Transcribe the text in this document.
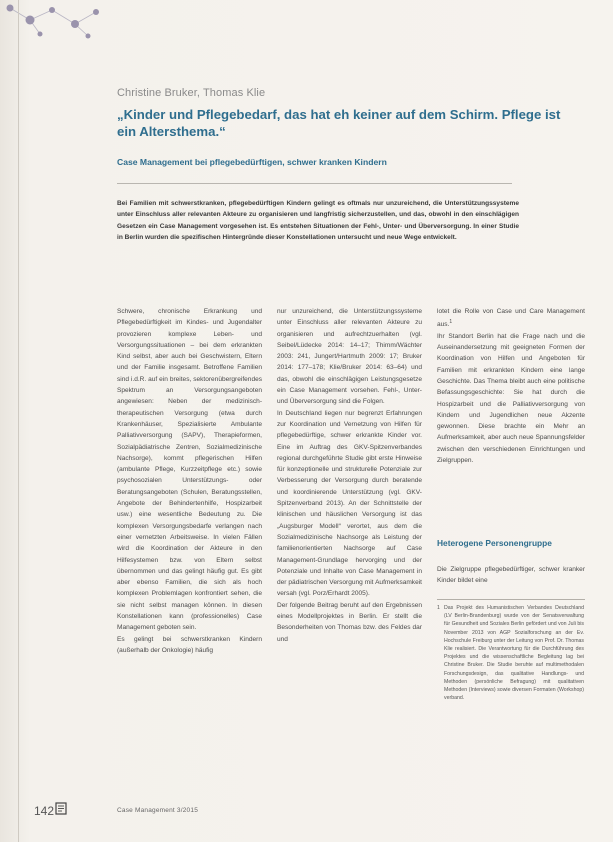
Christine Bruker, Thomas Klie
„Kinder und Pflegebedarf, das hat eh keiner auf dem Schirm. Pflege ist ein Altersthema.“
Case Management bei pflegebedürftigen, schwer kranken Kindern
Bei Familien mit schwerstkranken, pflegebedürftigen Kindern gelingt es oftmals nur unzureichend, die Unterstützungssysteme unter Einschluss aller relevanten Akteure zu organisieren und langfristig sicherzustellen, und das, obwohl in den einschlägigen Gesetzen ein Case Management vorgesehen ist. Es entstehen Situationen der Fehl-, Unter- und Überversorgung. In einer Studie in Berlin wurden die spezifischen Hintergründe dieser Konstellationen untersucht und neue Wege entwickelt.

Schwere, chronische Erkrankung und Pflegebedürftigkeit im Kindes- und Jugendalter provozieren komplexe Leben- und Versorgungssituationen – bei dem erkrankten Kind selbst, aber auch bei Geschwistern, Eltern und der Familie insgesamt. Betroffene Familien sind i.d.R. auf ein breites, sektorenübergreifendes Spektrum an Versorgungsangeboten angewiesen: Neben der medizinisch-therapeutischen Versorgung (etwa durch Krankenhäuser, Spezialisierte Ambulante Palliativversorgung (SAPV), Therapieformen, Sozialpädiatrische Zentren, Sozialmedizinische Nachsorge), kommt pflegerischen Hilfen (ambulante Pflege, Kurzzeitpflege etc.) sowie psychosozialen Unterstützungs- oder Beratungsangeboten (Schulen, Beratungsstellen, Angebote der Behindertenhilfe, Hospizarbeit usw.) eine wesentliche Bedeutung zu. Die komplexen Versorgungsbedarfe verlangen nach einer vernetzten Arbeitsweise. In vielen Fällen wird die Koordination der Akteure in den Hilfesystemen bzw. von Eltern selbst übernommen und das gelingt häufig gut. Es gibt aber ebenso Familien, die sich als hoch komplexen Problemlagen konfrontiert sehen, die sie nicht selbst managen können. In diesen Konstellationen kann (professionelles) Case Management geboten sein.
Es gelingt bei schwerstkranken Kindern (außerhalb der Onkologie) häufig

nur unzureichend, die Unterstützungssysteme unter Einschluss aller relevanten Akteure zu organisieren und aufrechtzuerhalten (vgl. Seibel/Lüdecke 2014: 14–17; Thimm/Wächter 2003: 241, Jungert/Hartmuth 2009: 17; Bruker 2014: 177–178; Klie/Bruker 2014: 63–64) und das, obwohl die einschlägigen Leistungsgesetze ein Case Management vorsehen. Fehl-, Unter- und Überversorgung sind die Folgen.
In Deutschland liegen nur begrenzt Erfahrungen zur Koordination und Vernetzung von Hilfen für pflegebedürftige, schwer erkrankte Kinder vor. Eine im Auftrag des GKV-Spitzenverbandes regional durchgeführte Studie gibt erste Hinweise für konzeptionelle und strukturelle Potenziale zur Verbesserung der Versorgung durch beratende und koordinierende Unterstützung (vgl. GKV-Spitzenverband 2013). An der Schnittstelle der klinischen und häuslichen Versorgung ist das „Augsburger Modell“ verortet, aus dem die Sozialmedizinische Nachsorge als Leistung der familienorientierten Nachsorge auf Case Management-Grundlage hervorging und der Potenziale und Inhalte von Case Management in der pädiatrischen Versorgung mit Aufmerksamkeit versah (vgl. Porz/Erhardt 2005).
Der folgende Beitrag beruht auf den Ergebnissen eines Modellprojektes in Berlin. Er stellt die Besonderheiten von Thomas bzw. des Feldes dar und

lotet die Rolle von Case und Care Management aus.$^1$

Ihr Standort Berlin hat die Frage nach und die Auseinandersetzung mit geeigneten Formen der Koordination von Hilfen und Angeboten für Familien mit erkrankten Kindern eine lange Geschichte. Das Thema bleibt auch eine politische Befassungsgeschichte: Sie hat durch die Hospizarbeit und die Palliativversorgung von Kindern und Jugendlichen neue Akzente gewonnen. Diese brachte ein Mehr an Aufmerksamkeit, aber auch neue Spannungsfelder zwischen den verschiedenen Einrichtungen und Zielgruppen.

Heterogene Personengruppe
Die Zielgruppe pflegebedürftiger, schwer kranker Kinder bildet eine
1 Das Projekt des Humanistischen Verbandes Deutschland (LV Berlin-Brandenburg) wurde von der Senatsverwaltung für Gesundheit und Soziales Berlin gefördert und von Juli bis November 2013 von AGP Sozialforschung an der Ev. Hochschule Freiburg unter der Leitung von Prof. Dr. Thomas Klie realisiert. Die Verantwortung für die Durchführung des Projektes und die wissenschaftliche Begleitung lag bei Christine Bruker. Die Studie beruhte auf multimethodalen Forschungsdesign, das qualitative Handlungs- und Methoden (persönliche Befragung) mit qualitativen Methoden (Interviews) sowie diversen Formaten (Workshop) verband.
142	Case Management 3/2015
